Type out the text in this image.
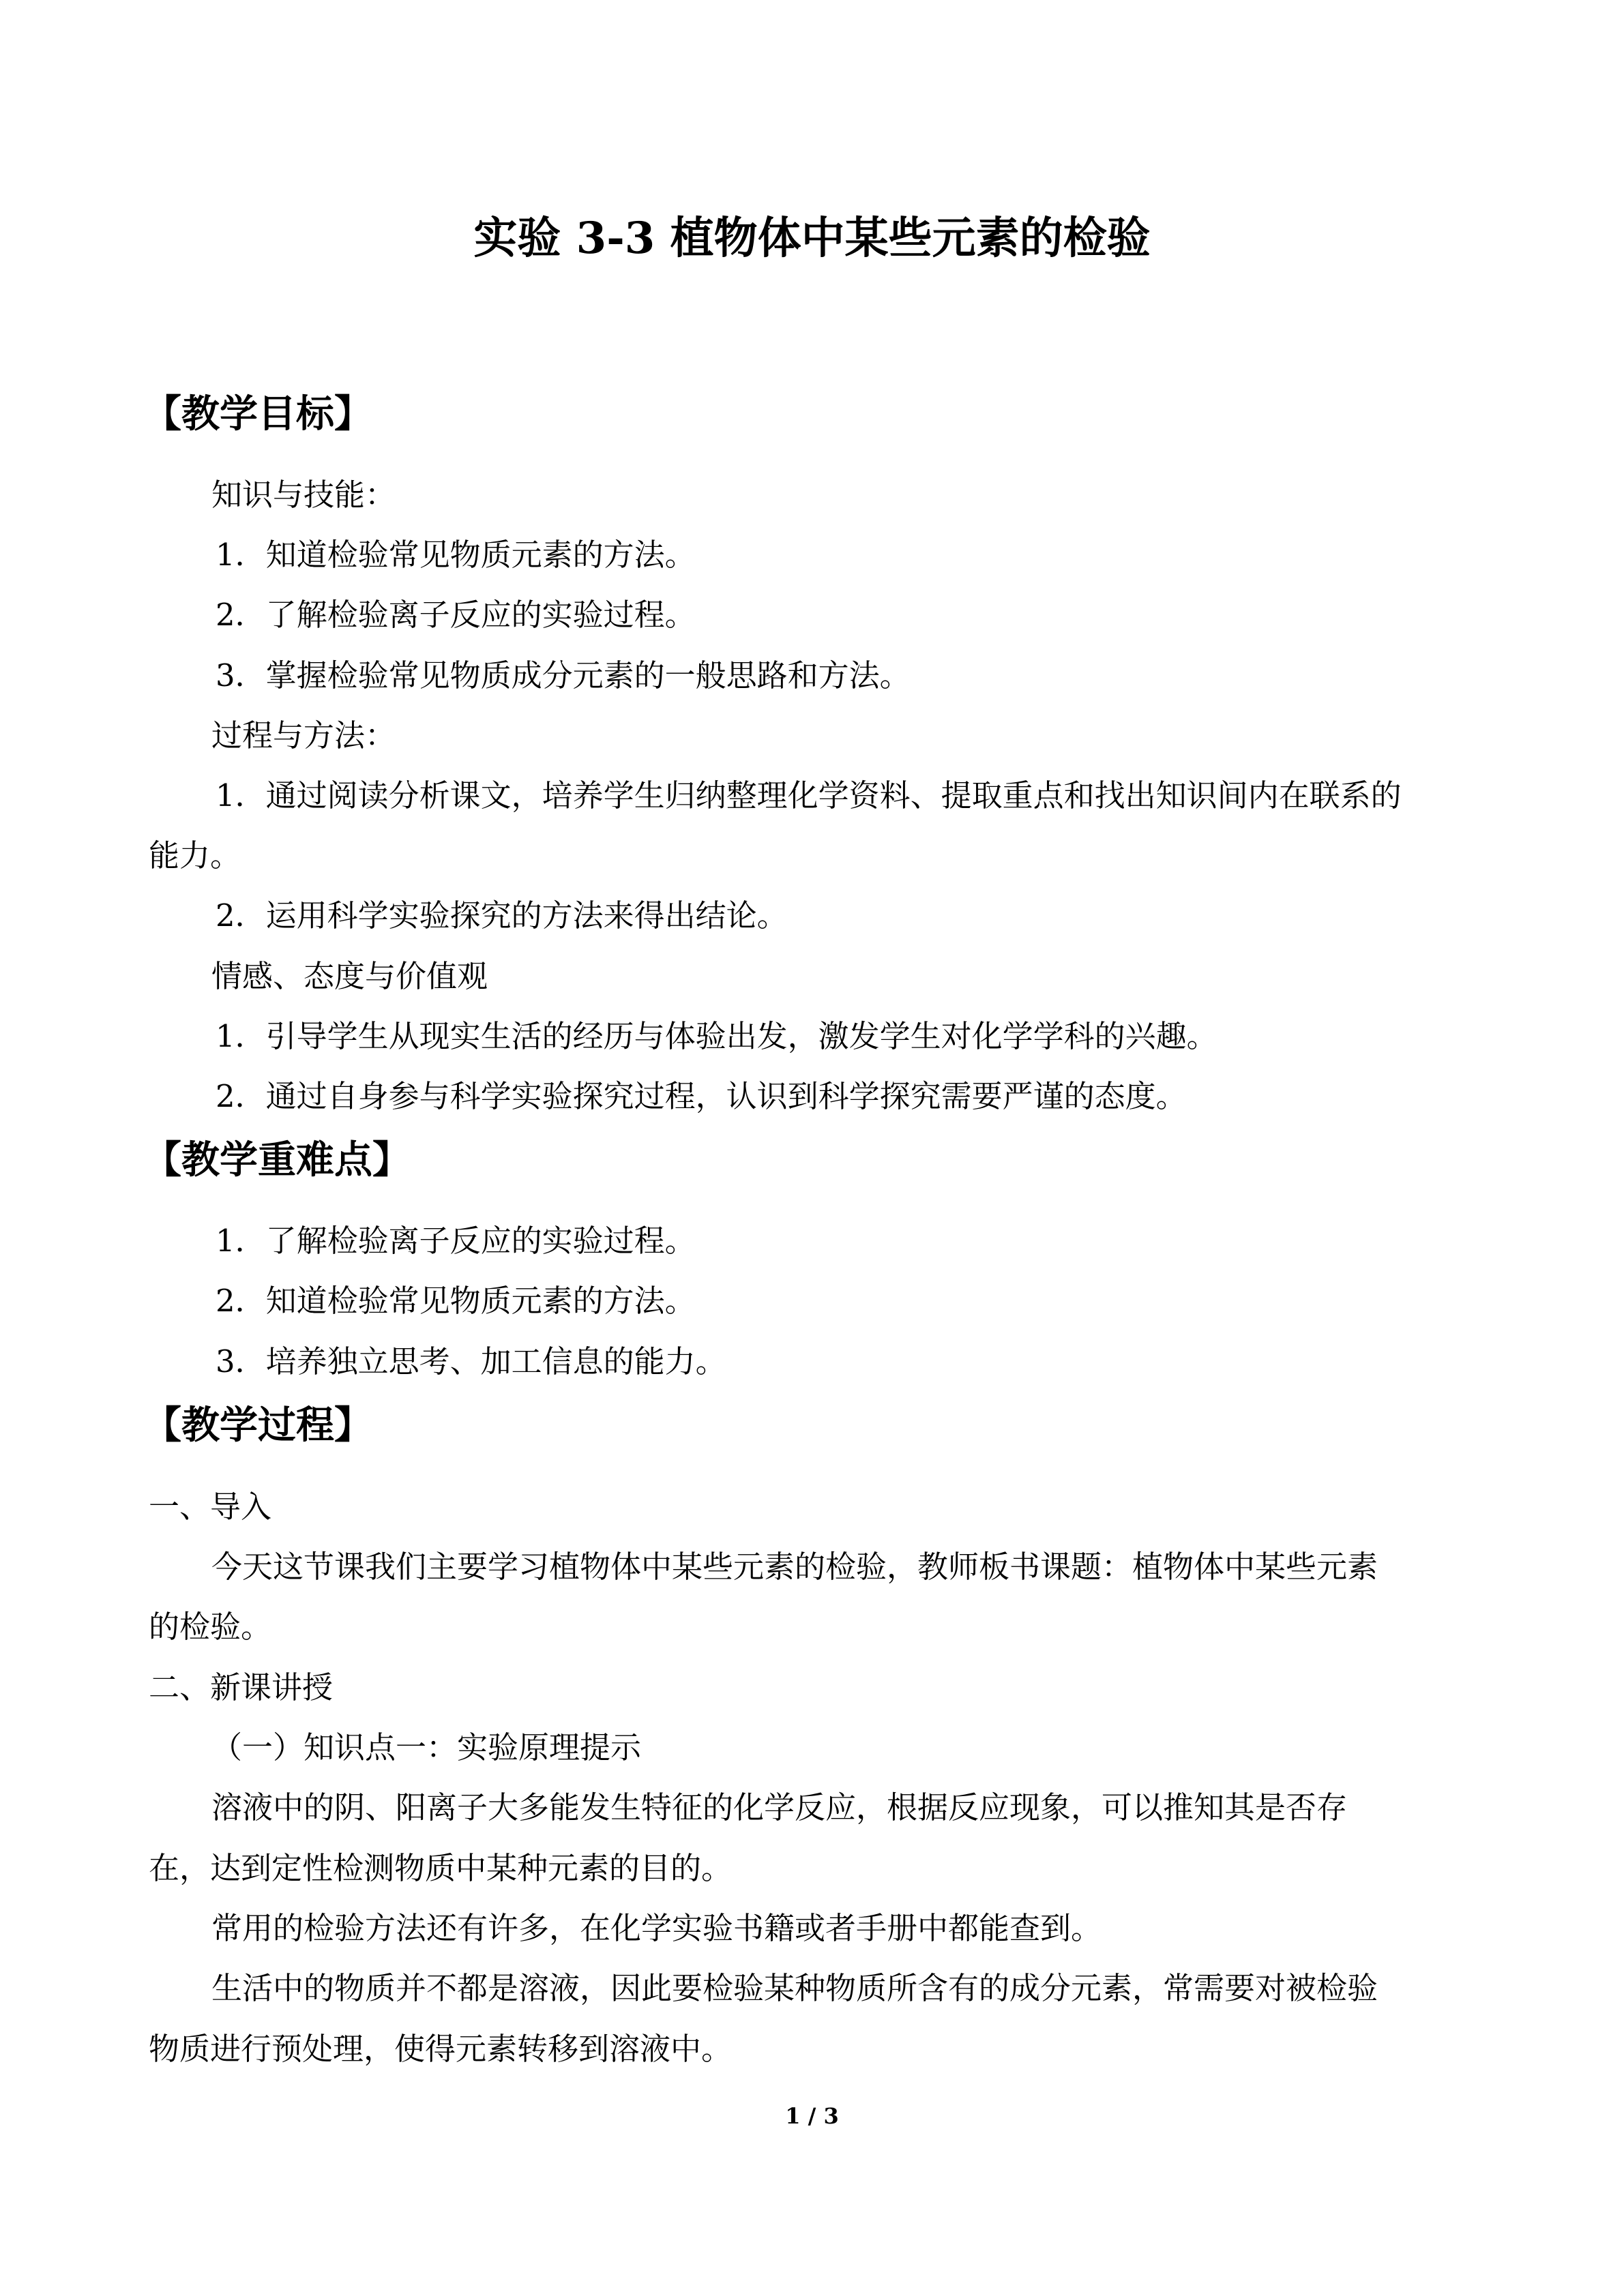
实验 3-3 植物体中某些元素的检验
【教学目标】
知识与技能：
1．知道检验常见物质元素的方法。
2．了解检验离子反应的实验过程。
3．掌握检验常见物质成分元素的一般思路和方法。
过程与方法：
1．通过阅读分析课文，培养学生归纳整理化学资料、提取重点和找出知识间内在联系的
能力。
2．运用科学实验探究的方法来得出结论。
情感、态度与价值观
1．引导学生从现实生活的经历与体验出发，激发学生对化学学科的兴趣。
2．通过自身参与科学实验探究过程，认识到科学探究需要严谨的态度。
【教学重难点】
1．了解检验离子反应的实验过程。
2．知道检验常见物质元素的方法。
3．培养独立思考、加工信息的能力。
【教学过程】
一、导入
今天这节课我们主要学习植物体中某些元素的检验，教师板书课题：植物体中某些元素
的检验。
二、新课讲授
（一）知识点一：实验原理提示
溶液中的阴、阳离子大多能发生特征的化学反应，根据反应现象，可以推知其是否存
在，达到定性检测物质中某种元素的目的。
常用的检验方法还有许多，在化学实验书籍或者手册中都能查到。
生活中的物质并不都是溶液，因此要检验某种物质所含有的成分元素，常需要对被检验
物质进行预处理，使得元素转移到溶液中。
1 / 3
